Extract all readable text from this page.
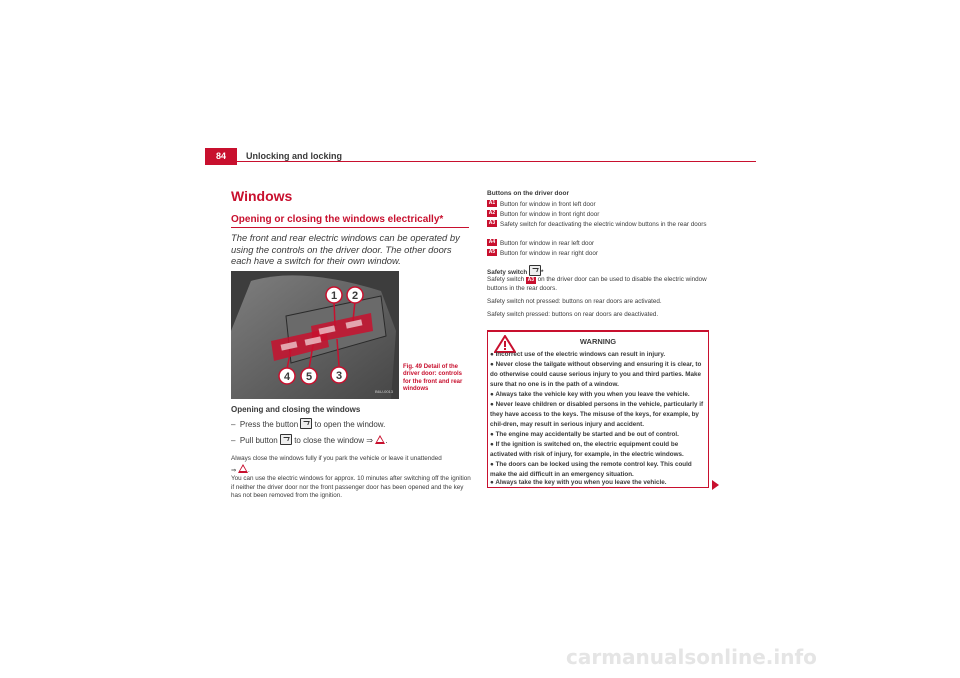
84	Unlocking and locking
Windows
Opening or closing the windows electrically*
The front and rear electric windows can be operated by using the controls on the driver door. The other doors each have a switch for their own window.
1 2
3
4 5
B6U-0013
Fig. 49 Detail of the driver door: controls for the front and rear windows
Opening and closing the windows
– Press the button to open the window.
– Pull button to close the window ⇒ .
Always close the windows fully if you park the vehicle or leave it unattended
⇒ .
You can use the electric windows for approx. 10 minutes after switching off the ignition if neither the driver door nor the front passenger door has been opened and the key has not been removed from the ignition.
Buttons on the driver door
A1 Button for window in front left door
A2 Button for window in front right door
A3 Safety switch for deactivating the electric window buttons in the rear doors
A4 Button for window in rear left door
A5 Button for window in rear right door
Safety switch *
Safety switch A3 on the driver door can be used to disable the electric window buttons in the rear doors.
Safety switch not pressed: buttons on rear doors are activated.
Safety switch pressed: buttons on rear doors are deactivated.
WARNING
● Incorrect use of the electric windows can result in injury.
● Never close the tailgate without observing and ensuring it is clear, to do otherwise could cause serious injury to you and third parties. Make sure that no one is in the path of a window.
● Always take the vehicle key with you when you leave the vehicle.
● Never leave children or disabled persons in the vehicle, particularly if they have access to the keys. The misuse of the keys, for example, by chil-dren, may result in serious injury and accident.
● The engine may accidentally be started and be out of control.
● If the ignition is switched on, the electric equipment could be activated with risk of injury, for example, in the electric windows.
● The doors can be locked using the remote control key. This could make the aid difficult in an emergency situation.
● Always take the key with you when you leave the vehicle.
carmanualsonline.info
